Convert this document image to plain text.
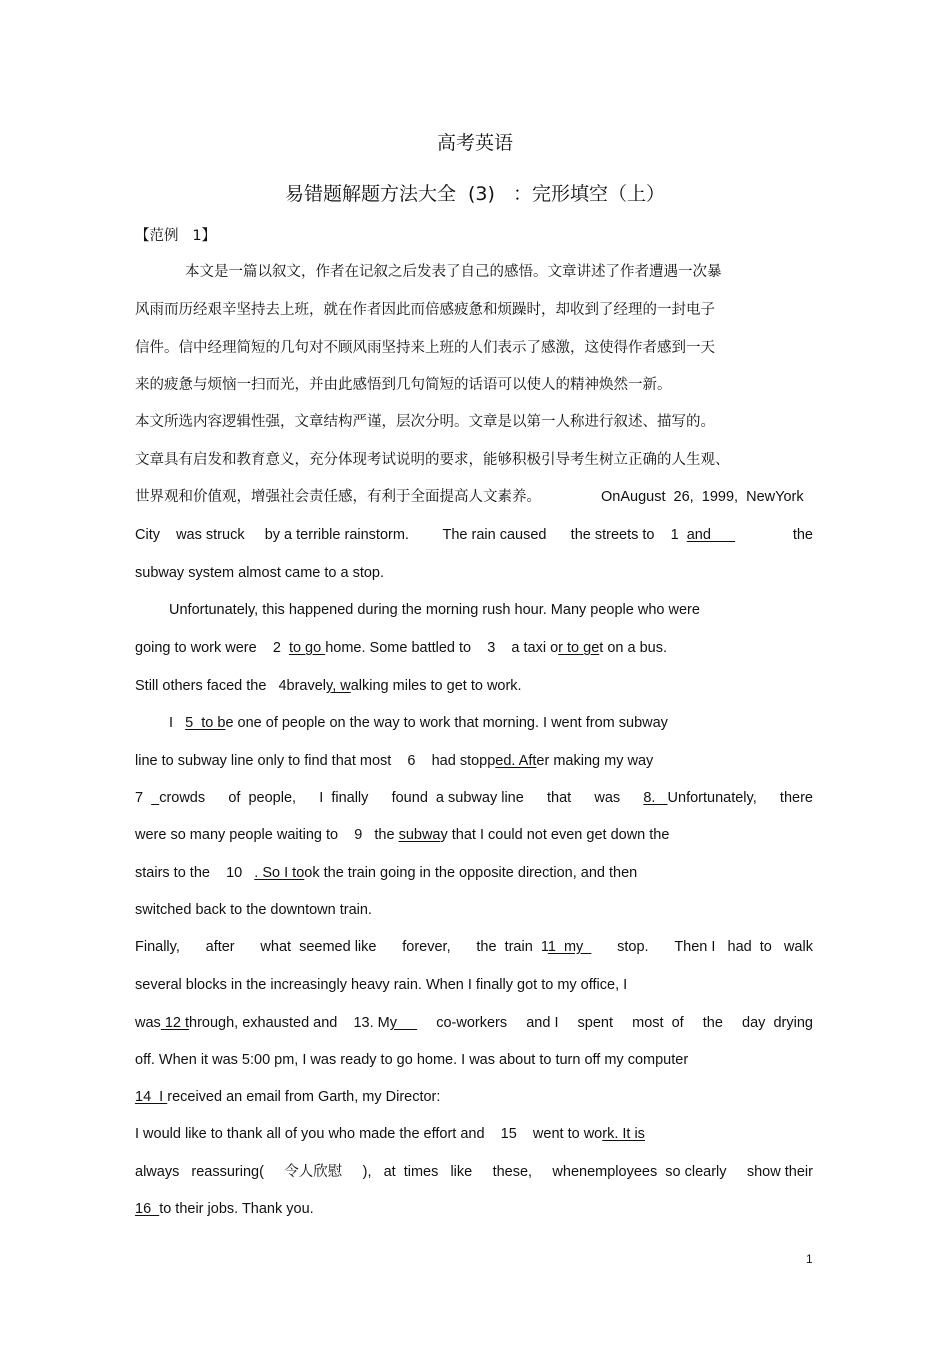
高考英语
易错题解题方法大全  (3)   ：完形填空（上）
【范例   1】
本文是一篇以叙文，作者在记叙之后发表了自己的感悟。文章讲述了作者遭遇一次暴
风雨而历经艰辛坚持去上班，就在作者因此而倍感疲惫和烦躁时，却收到了经理的一封电子
信件。信中经理简短的几句对不顾风雨坚持来上班的人们表示了感激，这使得作者感到一天
来的疲惫与烦恼一扫而光，并由此感悟到几句简短的话语可以使人的精神焕然一新。
本文所选内容逻辑性强，文章结构严谨，层次分明。文章是以第一人称进行叙述、描写的。
文章具有启发和教育意义，充分体现考试说明的要求，能够积极引导考生树立正确的人生观、
世界观和价值观，增强社会责任感，有利于全面提高人文素养。	OnAugust  26,  1999,  NewYork
City    was struck     by a terrible rainstorm. The rain caused      the streets to    1  and	the
subway system almost came to a stop.
Unfortunately, this happened during the morning rush hour. Many people who were
going to work were    2  to go home. Some battled to    3    a taxi or to get on a bus.
Still others faced the   4bravely, walking miles to get to work.
I   5  to be one of people on the way to work that morning. I went from subway
line to subway line only to find that most    6    had stopped. After making my way
7    crowds of  people, I  finally found  a subway line that was 8. Unfortunately, there
were so many people waiting to    9   the subway that I could not even get down the
stairs to the    10   . So I took the train going in the opposite direction, and then
switched back to the downtown train.
Finally, after what  seemed like forever, the  train  11  my stop. Then I   had  to   walk
several blocks in the increasingly heavy rain. When I finally got to my office, I
was 12 through, exhausted and    13. My co-workers and I spent most  of the day  drying
off. When it was 5:00 pm, I was ready to go home. I was about to turn off my computer
14  I received an email from Garth, my Director:
I would like to thank all of you who made the effort and    15    went to work. It is
always   reassuring( 令人欣慰 ),   at  times   like these, whenemployees  so clearly show their
16  to their jobs. Thank you.
1
